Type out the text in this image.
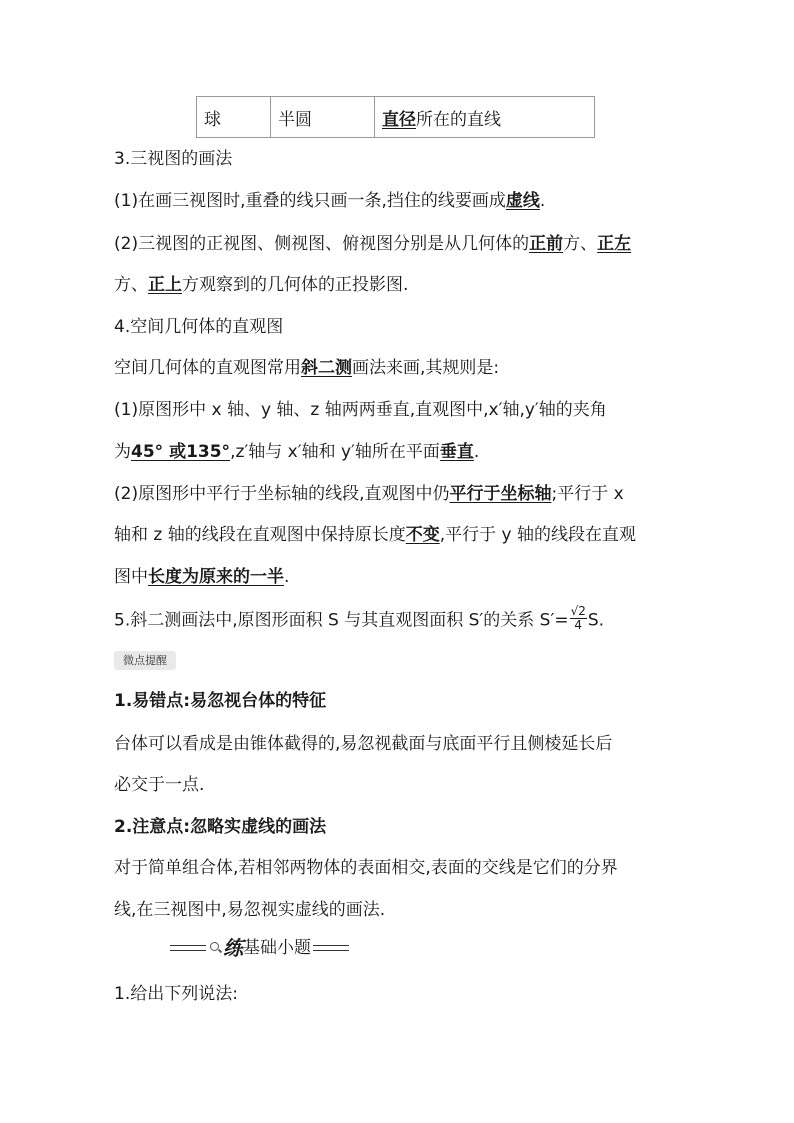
球	半圆	直径所在的直线
3.三视图的画法
(1)在画三视图时,重叠的线只画一条,挡住的线要画成虚线.
(2)三视图的正视图、侧视图、俯视图分别是从几何体的正前方、正左
方、正上方观察到的几何体的正投影图.
4.空间几何体的直观图
空间几何体的直观图常用斜二测画法来画,其规则是:
(1)原图形中 x 轴、y 轴、z 轴两两垂直,直观图中,x′轴,y′轴的夹角
为45° 或135°,z′轴与 x′轴和 y′轴所在平面垂直.
(2)原图形中平行于坐标轴的线段,直观图中仍平行于坐标轴;平行于 x
轴和 z 轴的线段在直观图中保持原长度不变,平行于 y 轴的线段在直观
图中长度为原来的一半.
5.斜二测画法中,原图形面积 S 与其直观图面积 S′的关系 $S'= \frac{√2}{4} S$.
微点提醒
1.易错点:易忽视台体的特征
台体可以看成是由锥体截得的,易忽视截面与底面平行且侧棱延长后
必交于一点.
2.注意点:忽略实虚线的画法
对于简单组合体,若相邻两物体的表面相交,表面的交线是它们的分界
线,在三视图中,易忽视实虚线的画法.
练 基础小题
1.给出下列说法:
